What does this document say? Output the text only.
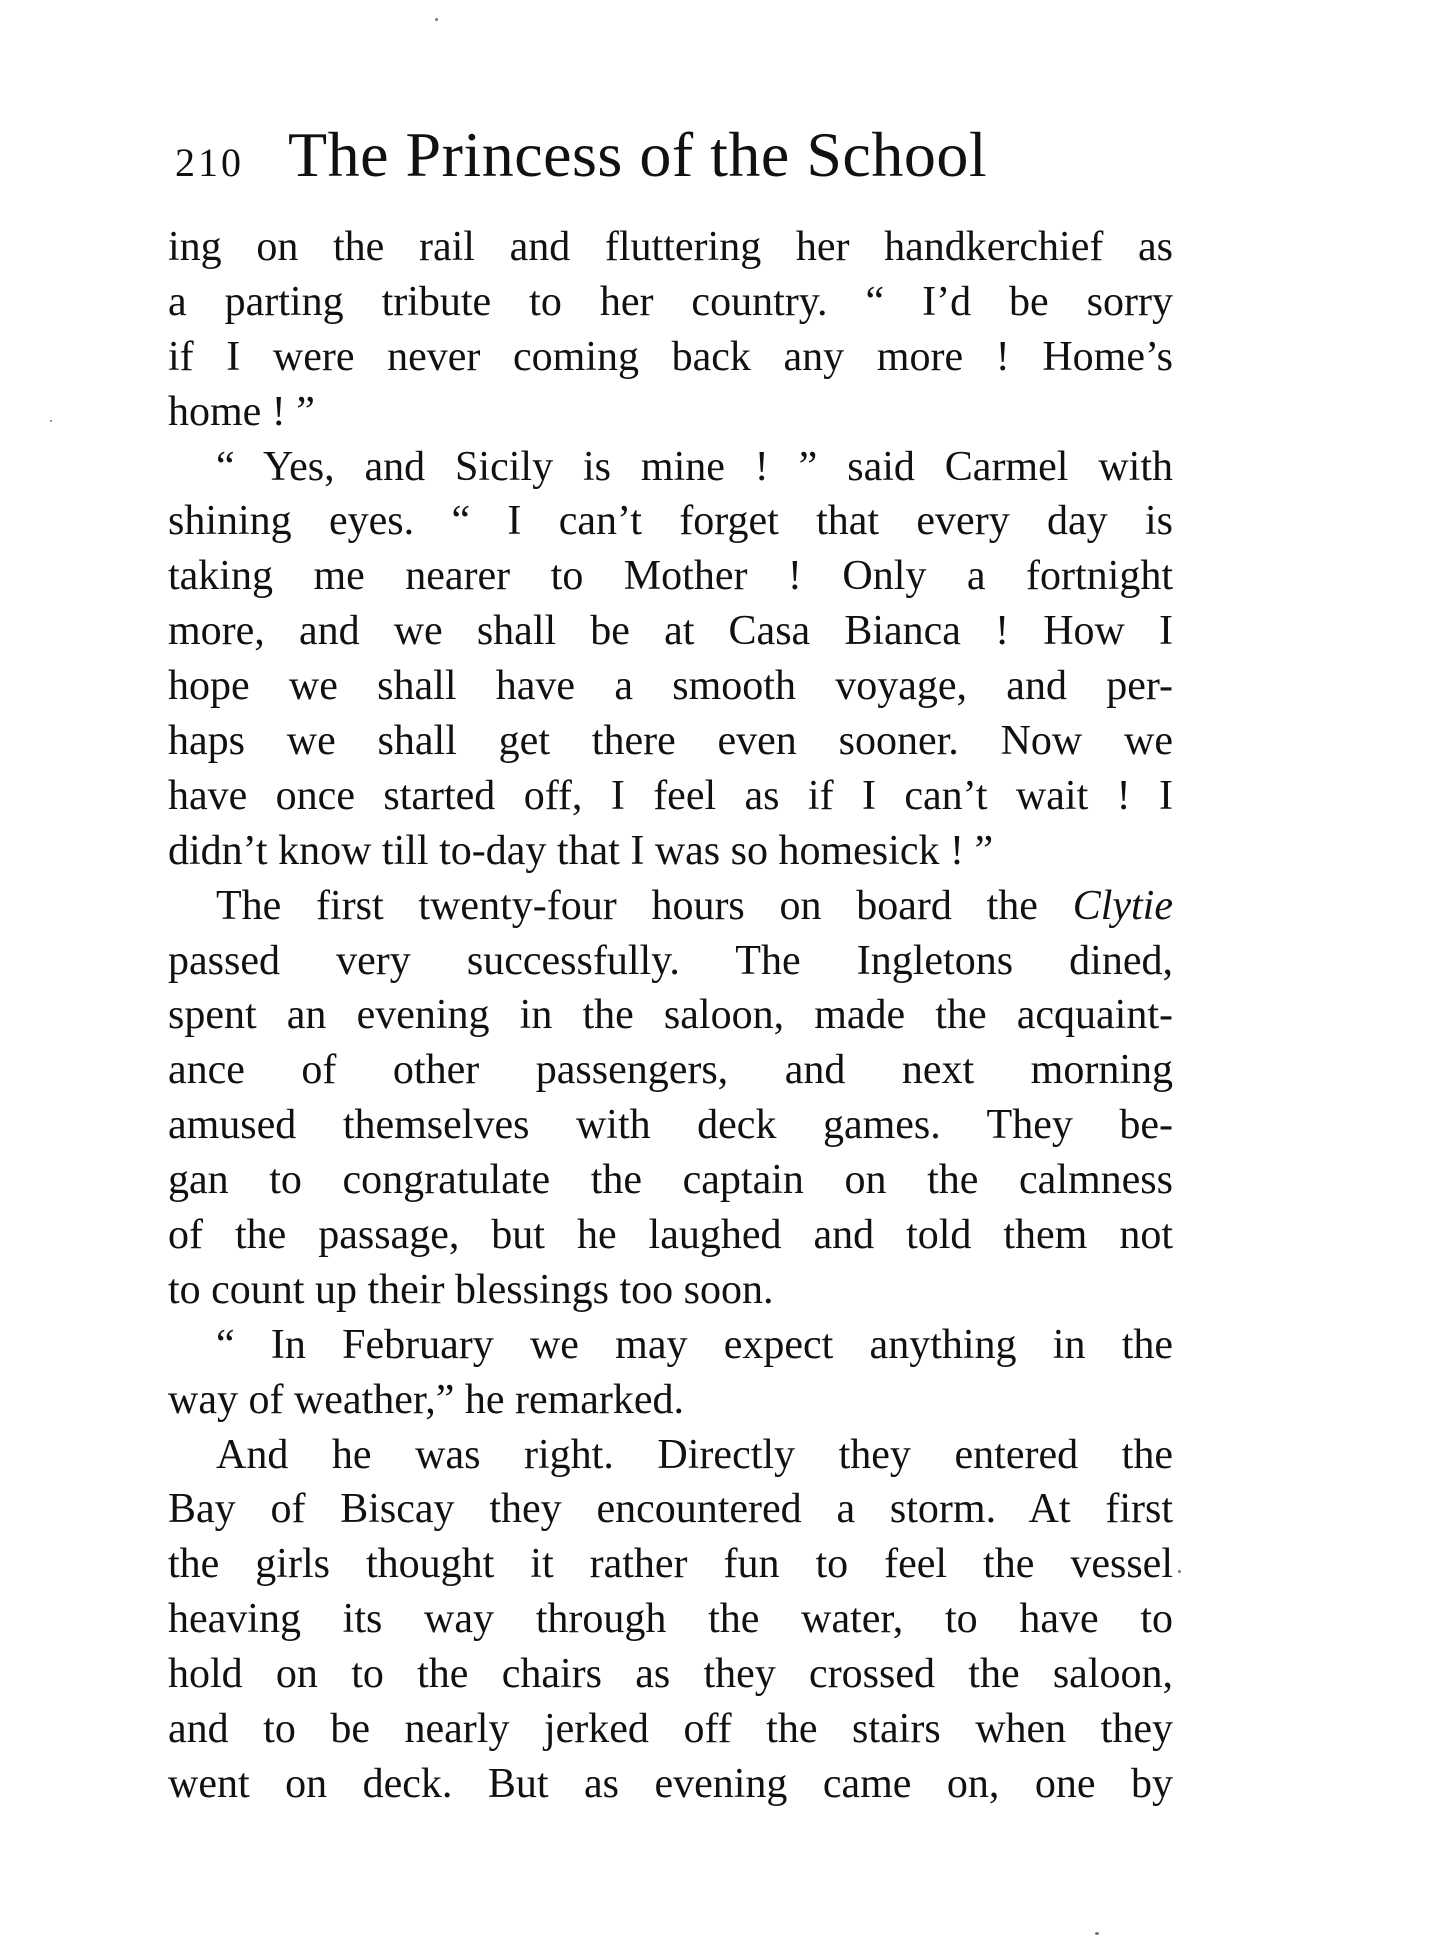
210 The Princess of the School
ing on the rail and fluttering her handkerchief as
a parting tribute to her country. “ I’d be sorry
if I were never coming back any more ! Home’s
home ! ”
“ Yes, and Sicily is mine ! ” said Carmel with
shining eyes. “ I can’t forget that every day is
taking me nearer to Mother ! Only a fortnight
more, and we shall be at Casa Bianca ! How I
hope we shall have a smooth voyage, and per-
haps we shall get there even sooner. Now we
have once started off, I feel as if I can’t wait ! I
didn’t know till to-day that I was so homesick ! ”
The first twenty-four hours on board the Clytie
passed very successfully. The Ingletons dined,
spent an evening in the saloon, made the acquaint-
ance of other passengers, and next morning
amused themselves with deck games. They be-
gan to congratulate the captain on the calmness
of the passage, but he laughed and told them not
to count up their blessings too soon.
“ In February we may expect anything in the
way of weather,” he remarked.
And he was right. Directly they entered the
Bay of Biscay they encountered a storm. At first
the girls thought it rather fun to feel the vessel
heaving its way through the water, to have to
hold on to the chairs as they crossed the saloon,
and to be nearly jerked off the stairs when they
went on deck. But as evening came on, one by
